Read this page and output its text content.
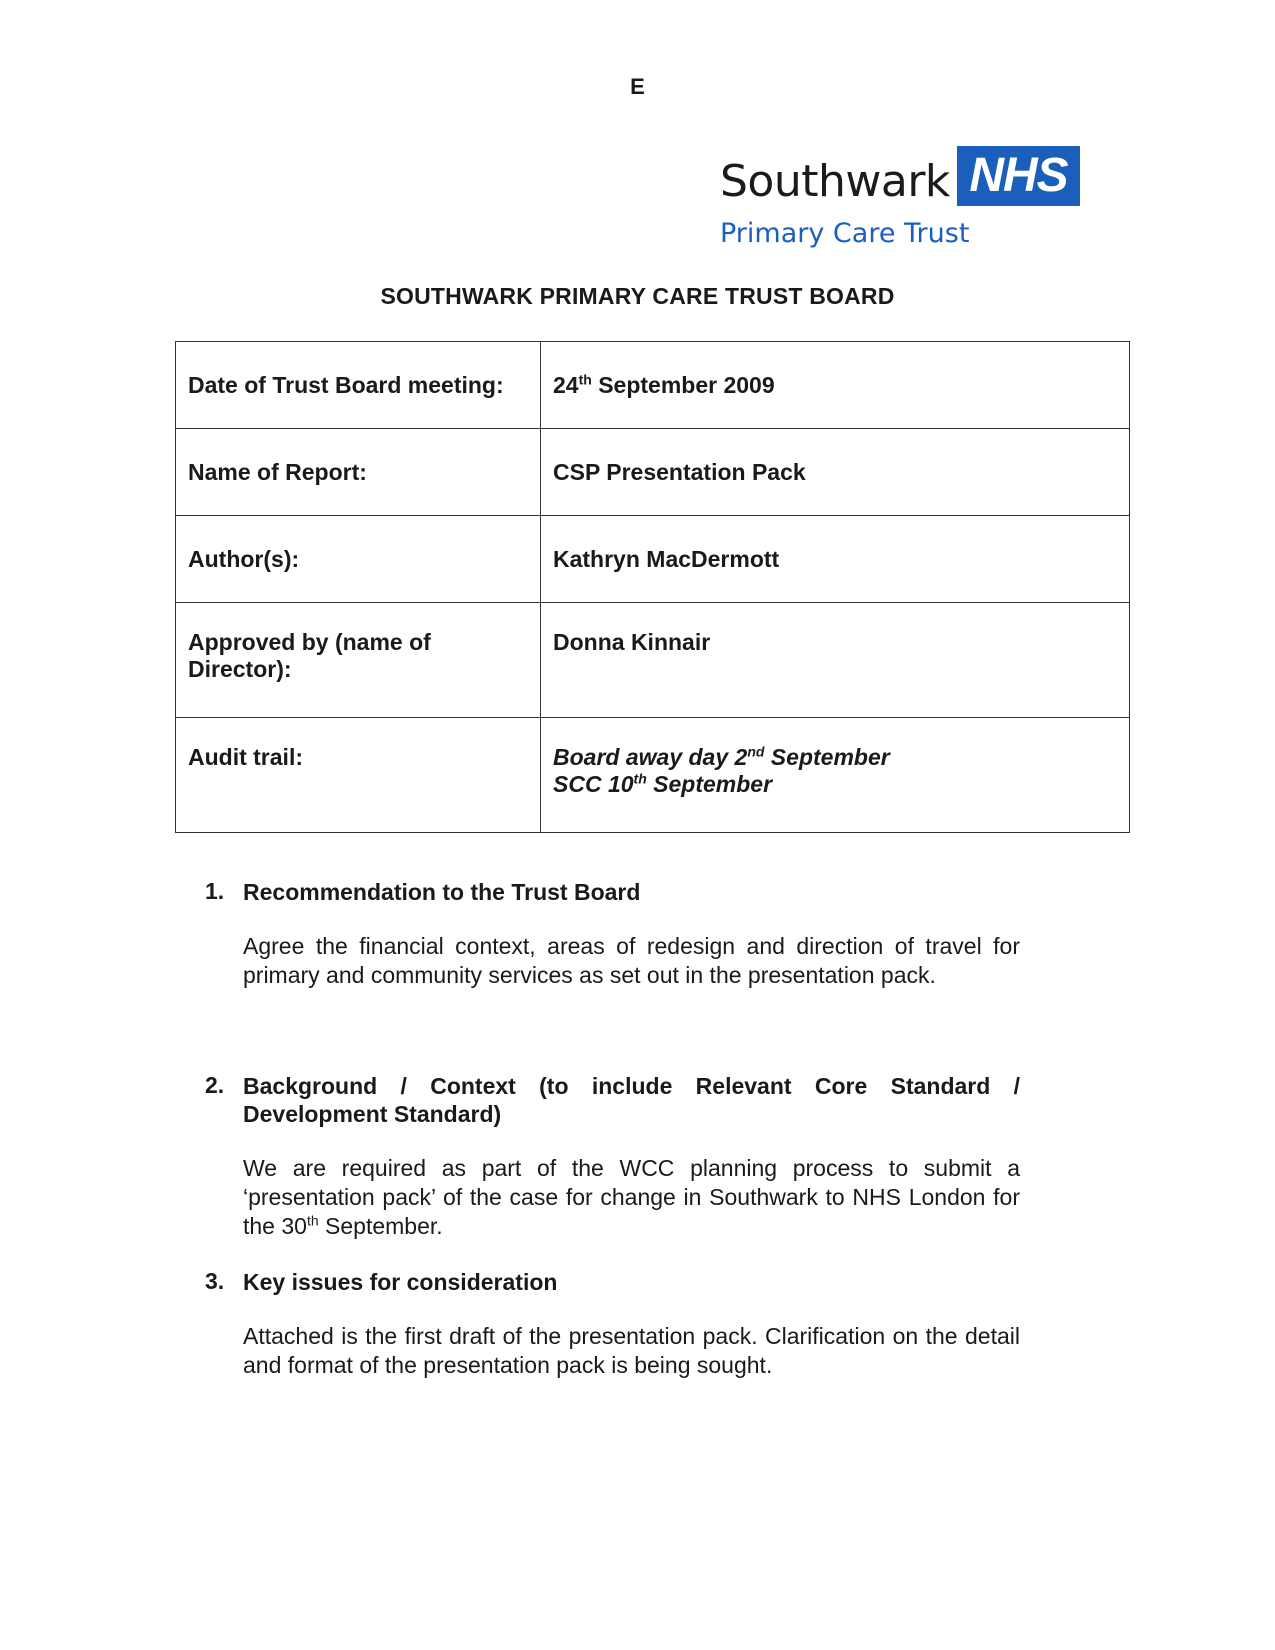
E
Southwark NHS
Primary Care Trust
SOUTHWARK PRIMARY CARE TRUST BOARD
Date of Trust Board meeting:	24th September 2009
Name of Report:	CSP Presentation Pack
Author(s):	Kathryn MacDermott
Approved by (name of Director):	Donna Kinnair
Audit trail:	Board away day 2nd September
SCC 10th September
1. Recommendation to the Trust Board
Agree the financial context, areas of redesign and direction of travel for primary and community services as set out in the presentation pack.
2. Background / Context (to include Relevant Core Standard / Development Standard)
We are required as part of the WCC planning process to submit a ‘presentation pack’ of the case for change in Southwark to NHS London for the 30th September.
3. Key issues for consideration
Attached is the first draft of the presentation pack. Clarification on the detail and format of the presentation pack is being sought.
